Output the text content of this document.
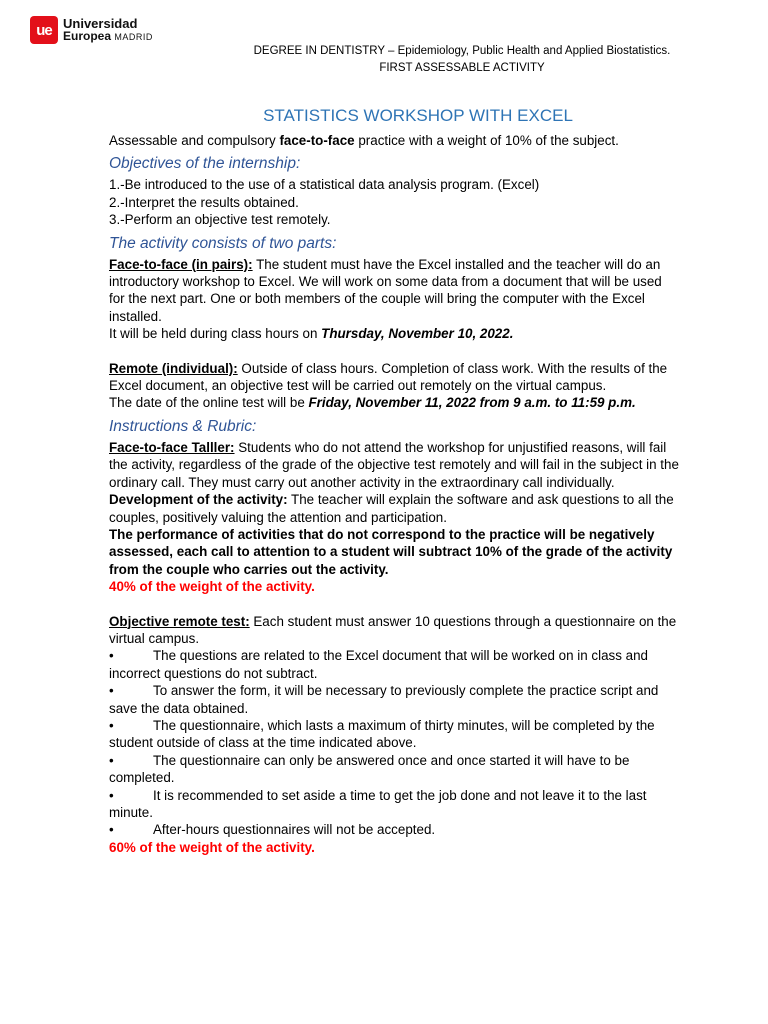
ue Universidad
Europea MADRID
DEGREE IN DENTISTRY – Epidemiology, Public Health and Applied Biostatistics.
FIRST ASSESSABLE ACTIVITY
STATISTICS WORKSHOP WITH EXCEL

Assessable and compulsory face-to-face practice with a weight of 10% of the subject.

Objectives of the internship:

1.-Be introduced to the use of a statistical data analysis program. (Excel)

2.-Interpret the results obtained.

3.-Perform an objective test remotely.

The activity consists of two parts:

Face-to-face (in pairs): The student must have the Excel installed and the teacher will do an introductory workshop to Excel. We will work on some data from a document that will be used for the next part. One or both members of the couple will bring the computer with the Excel installed.

It will be held during class hours on Thursday, November 10, 2022.

Remote (individual): Outside of class hours. Completion of class work. With the results of the Excel document, an objective test will be carried out remotely on the virtual campus.

The date of the online test will be Friday, November 11, 2022 from 9 a.m. to 11:59 p.m.

Instructions & Rubric:

Face-to-face Talller: Students who do not attend the workshop for unjustified reasons, will fail the activity, regardless of the grade of the objective test remotely and will fail in the subject in the ordinary call. They must carry out another activity in the extraordinary call individually.

Development of the activity: The teacher will explain the software and ask questions to all the couples, positively valuing the attention and participation.

The performance of activities that do not correspond to the practice will be negatively assessed, each call to attention to a student will subtract 10% of the grade of the activity from the couple who carries out the activity.

40% of the weight of the activity.

Objective remote test: Each student must answer 10 questions through a questionnaire on the virtual campus.

•	The questions are related to the Excel document that will be worked on in class and incorrect questions do not subtract.

•	To answer the form, it will be necessary to previously complete the practice script and save the data obtained.

•	The questionnaire, which lasts a maximum of thirty minutes, will be completed by the student outside of class at the time indicated above.

•	The questionnaire can only be answered once and once started it will have to be completed.

•	It is recommended to set aside a time to get the job done and not leave it to the last minute.

•	After-hours questionnaires will not be accepted.

60% of the weight of the activity.
